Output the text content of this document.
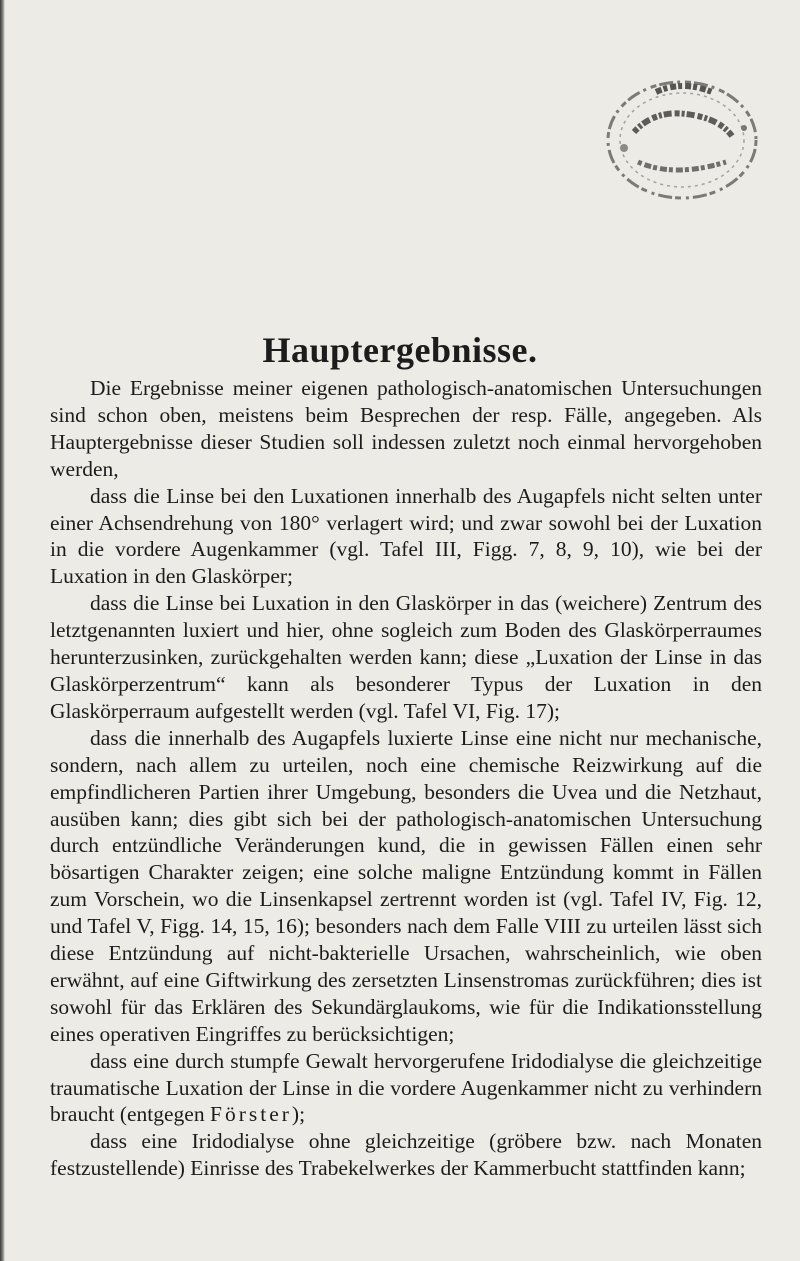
Hauptergebnisse.

Die Ergebnisse meiner eigenen pathologisch-anatomischen Untersuchungen sind schon oben, meistens beim Besprechen der resp. Fälle, angegeben. Als Hauptergebnisse dieser Studien soll indessen zuletzt noch einmal hervorgehoben werden,

dass die Linse bei den Luxationen innerhalb des Augapfels nicht selten unter einer Achsendrehung von 180° verlagert wird; und zwar sowohl bei der Luxation in die vordere Augenkammer (vgl. Tafel III, Figg. 7, 8, 9, 10), wie bei der Luxation in den Glaskörper;

dass die Linse bei Luxation in den Glaskörper in das (weichere) Zentrum des letztgenannten luxiert und hier, ohne sogleich zum Boden des Glaskörperraumes herunterzusinken, zurückgehalten werden kann; diese „Luxation der Linse in das Glaskörperzentrum“ kann als besonderer Typus der Luxation in den Glaskörperraum aufgestellt werden (vgl. Tafel VI, Fig. 17);

dass die innerhalb des Augapfels luxierte Linse eine nicht nur mechanische, sondern, nach allem zu urteilen, noch eine chemische Reizwirkung auf die empfindlicheren Partien ihrer Umgebung, besonders die Uvea und die Netzhaut, ausüben kann; dies gibt sich bei der pathologisch-anatomischen Untersuchung durch entzündliche Veränderungen kund, die in gewissen Fällen einen sehr bösartigen Charakter zeigen; eine solche maligne Entzündung kommt in Fällen zum Vorschein, wo die Linsenkapsel zertrennt worden ist (vgl. Tafel IV, Fig. 12, und Tafel V, Figg. 14, 15, 16); besonders nach dem Falle VIII zu urteilen lässt sich diese Entzündung auf nicht-bakterielle Ursachen, wahrscheinlich, wie oben erwähnt, auf eine Giftwirkung des zersetzten Linsenstromas zurückführen; dies ist sowohl für das Erklären des Sekundärglaukoms, wie für die Indikationsstellung eines operativen Eingriffes zu berücksichtigen;

dass eine durch stumpfe Gewalt hervorgerufene Iridodialyse die gleichzeitige traumatische Luxation der Linse in die vordere Augenkammer nicht zu verhindern braucht (entgegen Förster);

dass eine Iridodialyse ohne gleichzeitige (gröbere bzw. nach Monaten festzustellende) Einrisse des Trabekelwerkes der Kammerbucht stattfinden kann;
